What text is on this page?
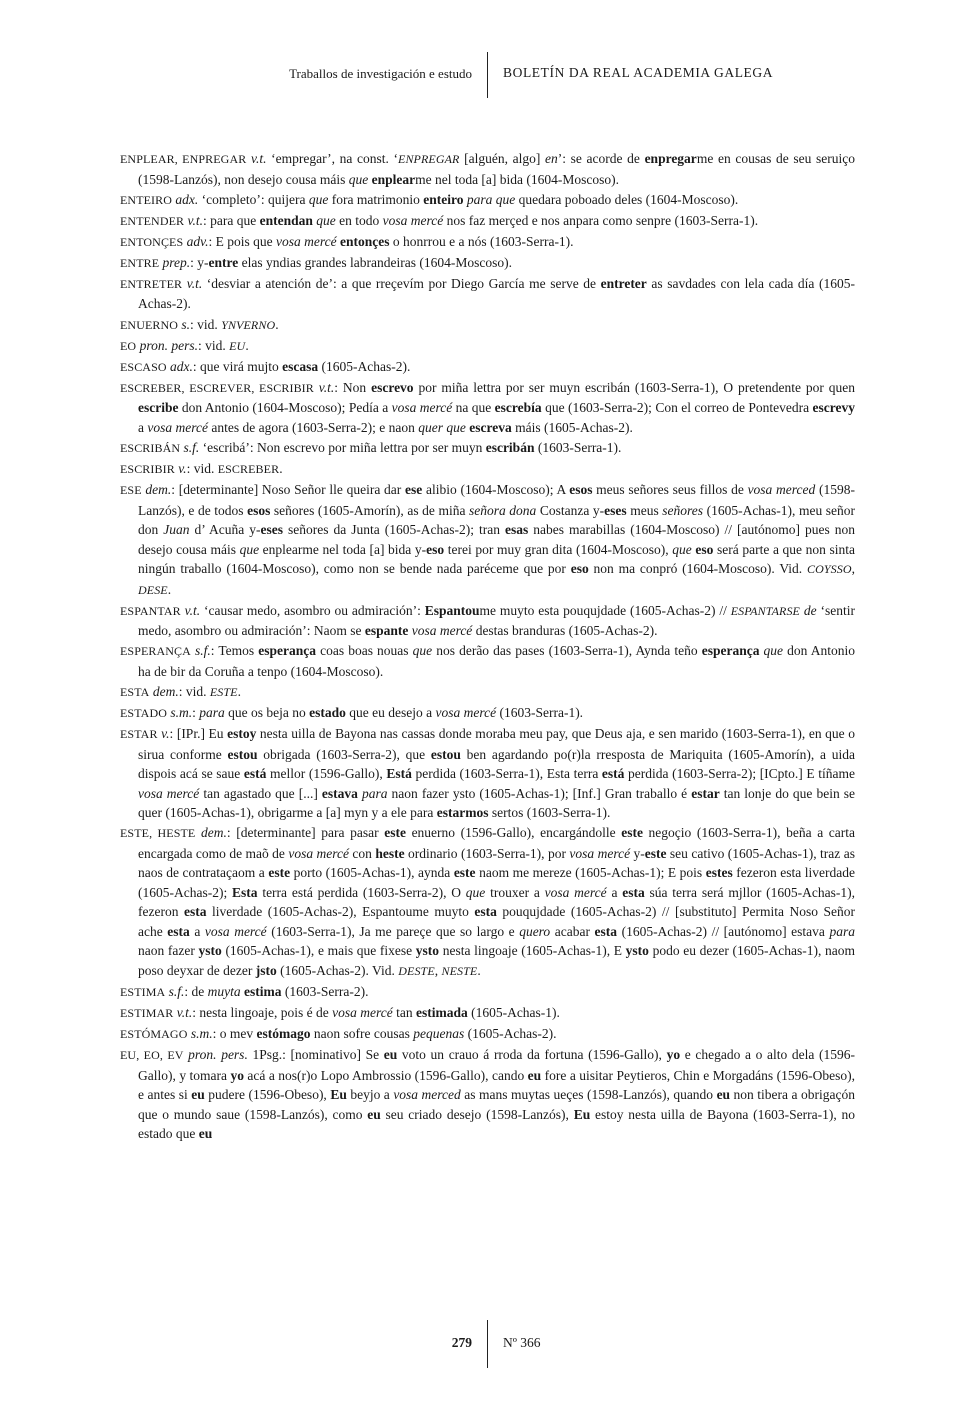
Traballos de investigación e estudo BOLETÍN DA REAL ACADEMIA GALEGA

ENPLEAR, ENPREGAR v.t. ‘empregar’, na const. ‘ENPREGAR [alguén, algo] en’: se acorde de enpregarme en cousas de seu seruiço (1598-Lanzós), non desejo cousa máis que enplearme nel toda [a] bida (1604-Moscoso).

ENTEIRO adx. ‘completo’: quijera que fora matrimonio enteiro para que quedara poboado deles (1604-Moscoso).

ENTENDER v.t.: para que entendan que en todo vosa mercé nos faz merçed e nos anpara como senpre (1603-Serra-1).

ENTONÇES adv.: E pois que vosa mercé entonçes o honrrou e a nós (1603-Serra-1).

ENTRE prep.: y-entre elas yndias grandes labrandeiras (1604-Moscoso).

ENTRETER v.t. ‘desviar a atención de’: a que rreçevím por Diego García me serve de entreter as savdades con lela cada día (1605-Achas-2).

ENUERNO s.: vid. YNVERNO.

EO pron. pers.: vid. EU.

ESCASO adx.: que virá mujto escasa (1605-Achas-2).

ESCREBER, ESCREVER, ESCRIBIR v.t.: Non escrevo por miña lettra por ser muyn escribán (1603-Serra-1), O pretendente por quen escribe don Antonio (1604-Moscoso); Pedía a vosa mercé na que escrebía que (1603-Serra-2); Con el correo de Pontevedra escrevy a vosa mercé antes de agora (1603-Serra-2); e naon quer que escreva máis (1605-Achas-2).

ESCRIBÁN s.f. ‘escribá’: Non escrevo por miña lettra por ser muyn escribán (1603-Serra-1).

ESCRIBIR v.: vid. ESCREBER.

ESE dem.: [determinante] Noso Señor lle queira dar ese alibio (1604-Moscoso); A esos meus señores seus fillos de vosa merced (1598-Lanzós), e de todos esos señores (1605-Amorín), as de miña señora dona Costanza y-eses meus señores (1605-Achas-1), meu señor don Juan d’ Acuña y-eses señores da Junta (1605-Achas-2); tran esas nabes marabillas (1604-Moscoso) // [autónomo] pues non desejo cousa máis que enplearme nel toda [a] bida y-eso terei por muy gran dita (1604-Moscoso), que eso será parte a que non sinta ningún traballo (1604-Moscoso), como non se bende nada paréceme que por eso non ma conpró (1604-Moscoso). Vid. COYSSO, DESE.

ESPANTAR v.t. ‘causar medo, asombro ou admiración’: Espantoume muyto esta pouqujdade (1605-Achas-2) // ESPANTARSE de ‘sentir medo, asombro ou admiración’: Naom se espante vosa mercé destas branduras (1605-Achas-2).

ESPERANÇA s.f.: Temos esperança coas boas nouas que nos derão das pases (1603-Serra-1), Aynda teño esperança que don Antonio ha de bir da Coruña a tenpo (1604-Moscoso).

ESTA dem.: vid. ESTE.

ESTADO s.m.: para que os beja no estado que eu desejo a vosa mercé (1603-Serra-1).

ESTAR v.: [IPr.] Eu estoy nesta uilla de Bayona nas cassas donde moraba meu pay, que Deus aja, e sen marido (1603-Serra-1), en que o sirua conforme estou obrigada (1603-Serra-2), que estou ben agardando po(r)la rresposta de Mariquita (1605-Amorín), a uida dispois acá se saue está mellor (1596-Gallo), Está perdida (1603-Serra-1), Esta terra está perdida (1603-Serra-2); [ICpto.] E tíñame vosa mercé tan agastado que [...] estava para naon fazer ysto (1605-Achas-1); [Inf.] Gran traballo é estar tan lonje do que bein se quer (1605-Achas-1), obrigarme a [a] myn y a ele para estarmos sertos (1603-Serra-1).

ESTE, HESTE dem.: [determinante] para pasar este enuerno (1596-Gallo), encargándolle este negoçio (1603-Serra-1), beña a carta encargada como de maõ de vosa mercé con heste ordinario (1603-Serra-1), por vosa mercé y-este seu cativo (1605-Achas-1), traz as naos de contrataçaom a este porto (1605-Achas-1), aynda este naom me mereze (1605-Achas-1); E pois estes fezeron esta liverdade (1605-Achas-2); Esta terra está perdida (1603-Serra-2), O que trouxer a vosa mercé a esta súa terra será mjllor (1605-Achas-1), fezeron esta liverdade (1605-Achas-2), Espantoume muyto esta pouqujdade (1605-Achas-2) // [substituto] Permita Noso Señor ache esta a vosa mercé (1603-Serra-1), Ja me pareçe que so largo e quero acabar esta (1605-Achas-2) // [autónomo] estava para naon fazer ysto (1605-Achas-1), e mais que fixese ysto nesta lingoaje (1605-Achas-1), E ysto podo eu dezer (1605-Achas-1), naom poso deyxar de dezer jsto (1605-Achas-2). Vid. DESTE, NESTE.

ESTIMA s.f.: de muyta estima (1603-Serra-2).

ESTIMAR v.t.: nesta lingoaje, pois é de vosa mercé tan estimada (1605-Achas-1).

ESTÓMAGO s.m.: o mev estómago naon sofre cousas pequenas (1605-Achas-2).

EU, EO, EV pron. pers. 1Psg.: [nominativo] Se eu voto un crauo á rroda da fortuna (1596-Gallo), yo e chegado a o alto dela (1596-Gallo), y tomara yo acá a nos(r)o Lopo Ambrossio (1596-Gallo), cando eu fore a uisitar Peytieros, Chin e Morgadáns (1596-Obeso), e antes si eu pudere (1596-Obeso), Eu beyjo a vosa merced as mans muytas ueçes (1598-Lanzós), quando eu non tibera a obrigaçón que o mundo saue (1598-Lanzós), como eu seu criado desejo (1598-Lanzós), Eu estoy nesta uilla de Bayona (1603-Serra-1), no estado que eu

279 Nº 366
